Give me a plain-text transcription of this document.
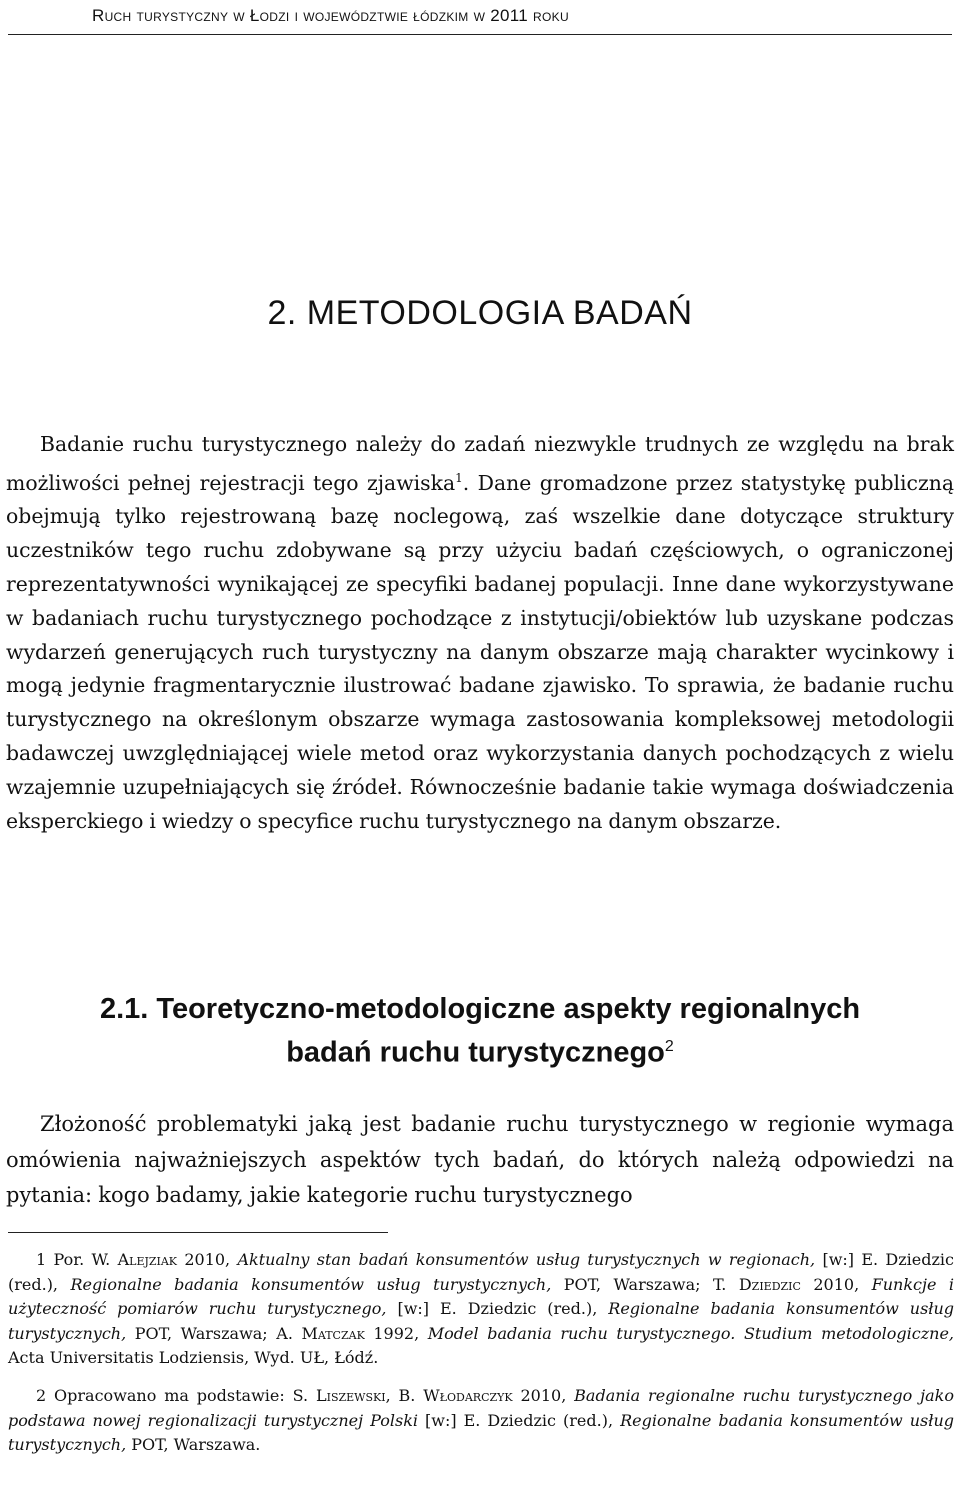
Ruch turystyczny w Łodzi i województwie łódzkim w 2011 roku
2. METODOLOGIA BADAŃ

Badanie ruchu turystycznego należy do zadań niezwykle trudnych ze względu na brak możliwości pełnej rejestracji tego zjawiska$^1$. Dane gromadzone przez statystykę publiczną obejmują tylko rejestrowaną bazę noclegową, zaś wszelkie dane dotyczące struktury uczestników tego ruchu zdobywane są przy użyciu badań częściowych, o ograniczonej reprezentatywności wynikającej ze specyfiki badanej populacji. Inne dane wykorzystywane w badaniach ruchu turystycznego pochodzące z instytucji/obiektów lub uzyskane podczas wydarzeń generujących ruch turystyczny na danym obszarze mają charakter wycinkowy i mogą jedynie fragmentarycznie ilustrować badane zjawisko. To sprawia, że badanie ruchu turystycznego na określonym obszarze wymaga zastosowania kompleksowej metodologii badawczej uwzględniającej wiele metod oraz wykorzystania danych pochodzących z wielu wzajemnie uzupełniających się źródeł. Równocześnie badanie takie wymaga doświadczenia eksperckiego i wiedzy o specyfice ruchu turystycznego na danym obszarze.

2.1. Teoretyczno-metodologiczne aspekty regionalnych
badań ruchu turystycznego$^2$

Złożoność problematyki jaką jest badanie ruchu turystycznego w regionie wymaga omówienia najważniejszych aspektów tych badań, do których należą odpowiedzi na pytania: kogo badamy, jakie kategorie ruchu turystycznego

1 Por. W. Alejziak 2010, Aktualny stan badań konsumentów usług turystycznych w regionach, [w:] E. Dziedzic (red.), Regionalne badania konsumentów usług turystycznych, POT, Warszawa; T. Dziedzic 2010, Funkcje i użyteczność pomiarów ruchu turystycznego, [w:] E. Dziedzic (red.), Regionalne badania konsumentów usług turystycznych, POT, Warszawa; A. Matczak 1992, Model badania ruchu turystycznego. Studium metodologiczne, Acta Universitatis Lodziensis, Wyd. UŁ, Łódź.

2 Opracowano ma podstawie: S. Liszewski, B. Włodarczyk 2010, Badania regionalne ruchu turystycznego jako podstawa nowej regionalizacji turystycznej Polski [w:] E. Dziedzic (red.), Regionalne badania konsumentów usług turystycznych, POT, Warszawa.
